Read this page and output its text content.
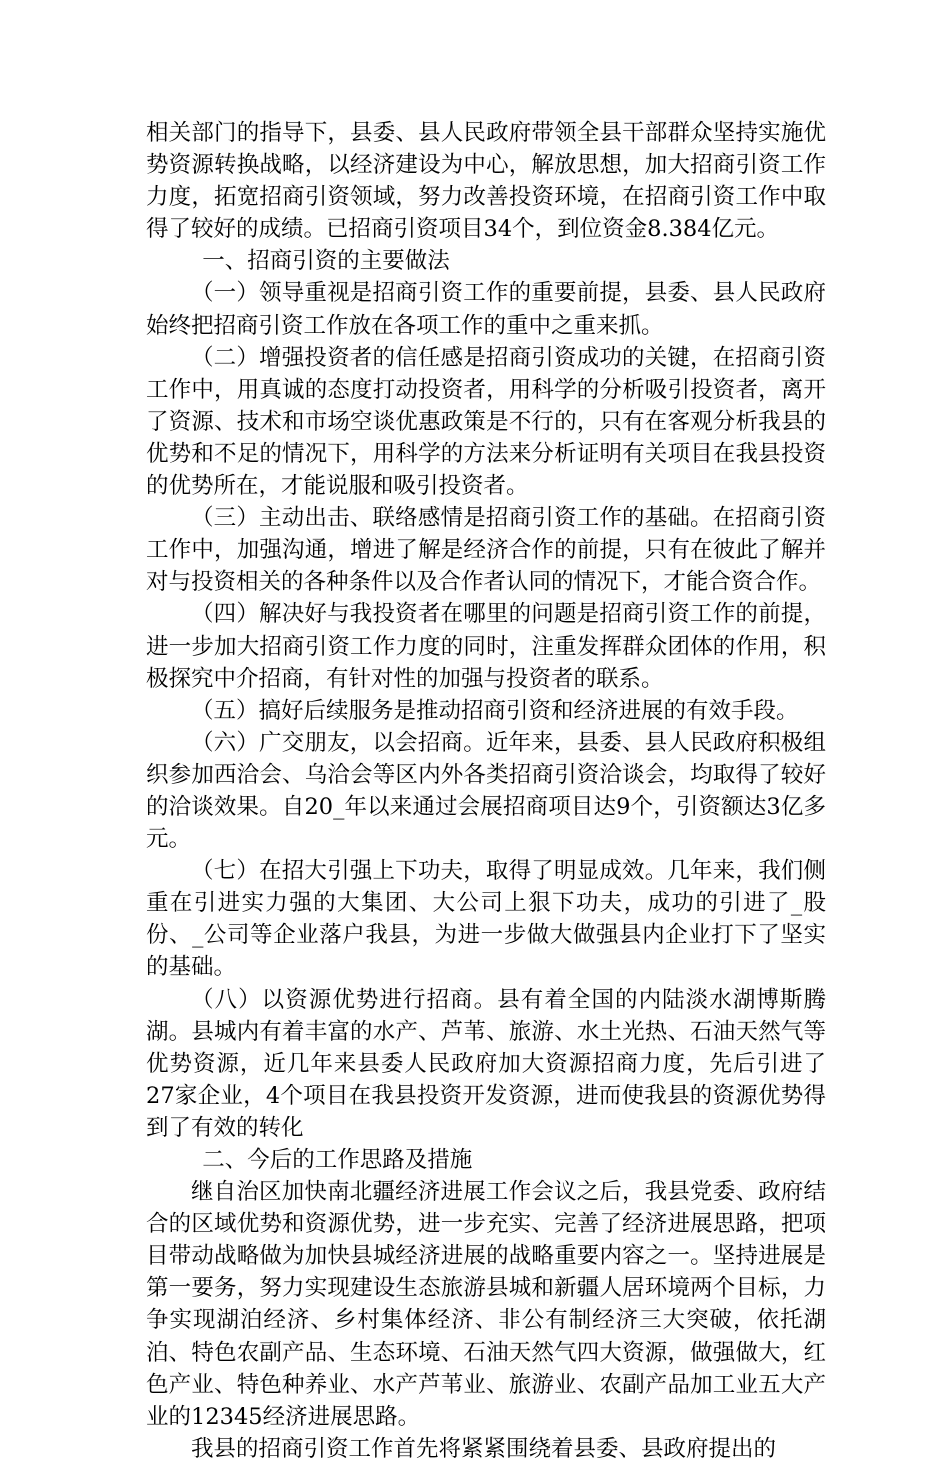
相关部门的指导下，县委、县人民政府带领全县干部群众坚持实施优势资源转换战略，以经济建设为中心，解放思想，加大招商引资工作力度，拓宽招商引资领域，努力改善投资环境，在招商引资工作中取得了较好的成绩。已招商引资项目34个，到位资金8.384亿元。

一、招商引资的主要做法

（一）领导重视是招商引资工作的重要前提，县委、县人民政府始终把招商引资工作放在各项工作的重中之重来抓。

（二）增强投资者的信任感是招商引资成功的关键，在招商引资工作中，用真诚的态度打动投资者，用科学的分析吸引投资者，离开了资源、技术和市场空谈优惠政策是不行的，只有在客观分析我县的优势和不足的情况下，用科学的方法来分析证明有关项目在我县投资的优势所在，才能说服和吸引投资者。

（三）主动出击、联络感情是招商引资工作的基础。在招商引资工作中，加强沟通，增进了解是经济合作的前提，只有在彼此了解并对与投资相关的各种条件以及合作者认同的情况下，才能合资合作。

（四）解决好与我投资者在哪里的问题是招商引资工作的前提，进一步加大招商引资工作力度的同时，注重发挥群众团体的作用，积极探究中介招商，有针对性的加强与投资者的联系。

（五）搞好后续服务是推动招商引资和经济进展的有效手段。

（六）广交朋友，以会招商。近年来，县委、县人民政府积极组织参加西洽会、乌洽会等区内外各类招商引资洽谈会，均取得了较好的洽谈效果。自20_年以来通过会展招商项目达9个，引资额达3亿多元。

（七）在招大引强上下功夫，取得了明显成效。几年来，我们侧重在引进实力强的大集团、大公司上狠下功夫，成功的引进了_股份、_公司等企业落户我县，为进一步做大做强县内企业打下了坚实的基础。

（八）以资源优势进行招商。县有着全国的内陆淡水湖博斯腾湖。县城内有着丰富的水产、芦苇、旅游、水土光热、石油天然气等优势资源，近几年来县委人民政府加大资源招商力度，先后引进了27家企业，4个项目在我县投资开发资源，进而使我县的资源优势得到了有效的转化

二、今后的工作思路及措施

继自治区加快南北疆经济进展工作会议之后，我县党委、政府结合的区域优势和资源优势，进一步充实、完善了经济进展思路，把项目带动战略做为加快县城经济进展的战略重要内容之一。坚持进展是第一要务，努力实现建设生态旅游县城和新疆人居环境两个目标，力争实现湖泊经济、乡村集体经济、非公有制经济三大突破，依托湖泊、特色农副产品、生态环境、石油天然气四大资源，做强做大，红色产业、特色种养业、水产芦苇业、旅游业、农副产品加工业五大产业的12345经济进展思路。

我县的招商引资工作首先将紧紧围绕着县委、县政府提出的
